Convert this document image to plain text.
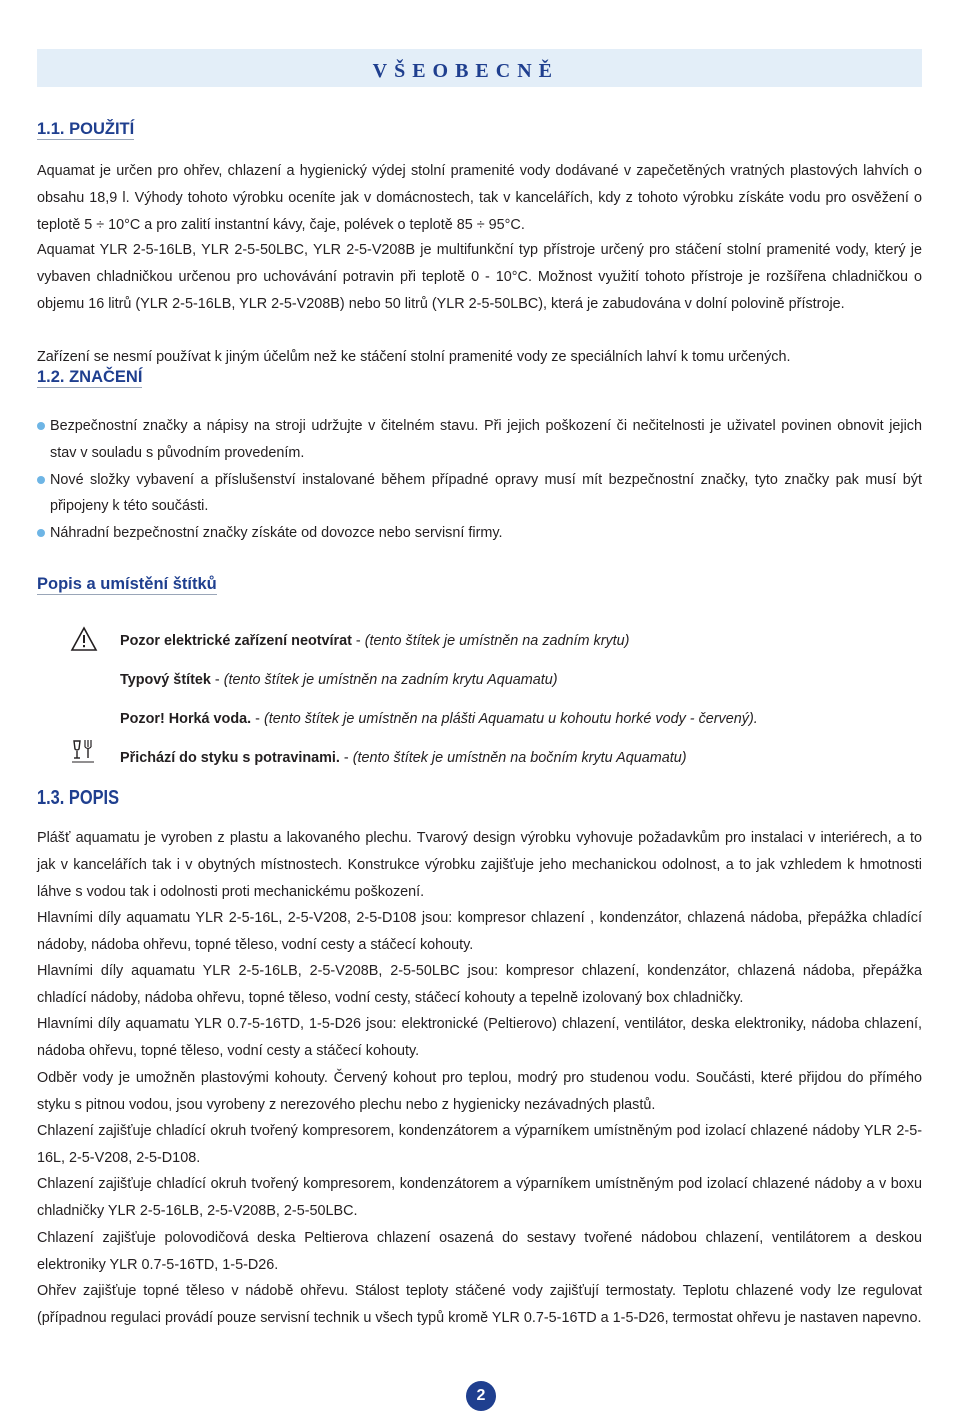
VŠEOBECNĚ
1.1. POUŽITÍ
Aquamat je určen pro ohřev, chlazení a hygienický výdej stolní pramenité vody dodávané v zapečetěných vratných plastových lahvích o obsahu 18,9 l. Výhody tohoto výrobku oceníte jak v domácnostech, tak v kancelářích, kdy z tohoto výrobku získáte vodu pro osvěžení o teplotě 5 ÷ 10°C a pro zalití instantní kávy, čaje, polévek o teplotě 85 ÷ 95°C.
Aquamat YLR 2-5-16LB, YLR 2-5-50LBC, YLR 2-5-V208B je multifunkční typ přístroje určený pro stáčení stolní pramenité vody, který je vybaven chladničkou určenou pro uchovávání potravin při teplotě 0 - 10°C. Možnost využití tohoto přístroje je rozšířena chladničkou o objemu 16 litrů (YLR 2-5-16LB, YLR 2-5-V208B) nebo 50 litrů (YLR 2-5-50LBC), která je zabudována v dolní polovině přístroje.
Zařízení se nesmí používat k jiným účelům než ke stáčení stolní pramenité vody ze speciálních lahví k tomu určených.
1.2. ZNAČENÍ
Bezpečnostní značky a nápisy na stroji udržujte v čitelném stavu. Při jejich poškození či nečitelnosti je uživatel povinen obnovit jejich stav v souladu s původním provedením.
Nové složky vybavení a příslušenství instalované během případné opravy musí mít bezpečnostní značky, tyto značky pak musí být připojeny k této součásti.
Náhradní bezpečnostní značky získáte od dovozce nebo servisní firmy.
Popis a umístění štítků
Pozor elektrické zařízení neotvírat - (tento štítek je umístněn na zadním krytu)
Typový štítek - (tento štítek je umístněn na zadním krytu Aquamatu)
Pozor! Horká voda. - (tento štítek je umístněn na plášti Aquamatu u kohoutu horké vody - červený).
Přichází do styku s potravinami. - (tento štítek je umístněn na bočním krytu Aquamatu)
1.3. POPIS
Plášť aquamatu je vyroben z plastu a lakovaného plechu. Tvarový design výrobku vyhovuje požadavkům pro instalaci v interiérech, a to jak v kancelářích tak i v obytných místnostech. Konstrukce výrobku zajišťuje jeho mechanickou odolnost, a to jak vzhledem k hmotnosti láhve s vodou tak i odolnosti proti mechanickému poškození.
Hlavními díly aquamatu YLR 2-5-16L, 2-5-V208, 2-5-D108 jsou: kompresor chlazení , kondenzátor, chlazená nádoba, přepážka chladící nádoby, nádoba ohřevu, topné těleso, vodní cesty a stáčecí kohouty.
Hlavními díly aquamatu YLR 2-5-16LB, 2-5-V208B, 2-5-50LBC jsou: kompresor chlazení, kondenzátor, chlazená nádoba, přepážka chladící nádoby, nádoba ohřevu, topné těleso, vodní cesty, stáčecí kohouty a tepelně izolovaný box chladničky.
Hlavními díly aquamatu YLR 0.7-5-16TD, 1-5-D26 jsou: elektronické (Peltierovo) chlazení, ventilátor, deska elektroniky, nádoba chlazení, nádoba ohřevu, topné těleso, vodní cesty a stáčecí kohouty.
Odběr vody je umožněn plastovými kohouty. Červený kohout pro teplou, modrý pro studenou vodu. Součásti, které přijdou do přímého styku s pitnou vodou, jsou vyrobeny z nerezového plechu nebo z hygienicky nezávadných plastů.
Chlazení zajišťuje chladící okruh tvořený kompresorem, kondenzátorem a výparníkem umístněným pod izolací chlazené nádoby YLR 2-5-16L, 2-5-V208, 2-5-D108.
Chlazení zajišťuje chladící okruh tvořený kompresorem, kondenzátorem a výparníkem umístněným pod izolací chlazené nádoby a v boxu chladničky YLR 2-5-16LB, 2-5-V208B, 2-5-50LBC.
Chlazení zajišťuje polovodičová deska Peltierova chlazení osazená do sestavy tvořené nádobou chlazení, ventilátorem a deskou elektroniky YLR 0.7-5-16TD, 1-5-D26.
Ohřev zajišťuje topné těleso v nádobě ohřevu. Stálost teploty stáčené vody zajišťují termostaty. Teplotu chlazené vody lze regulovat (případnou regulaci provádí pouze servisní technik u všech typů kromě YLR 0.7-5-16TD a 1-5-D26, termostat ohřevu je nastaven napevno.
2
